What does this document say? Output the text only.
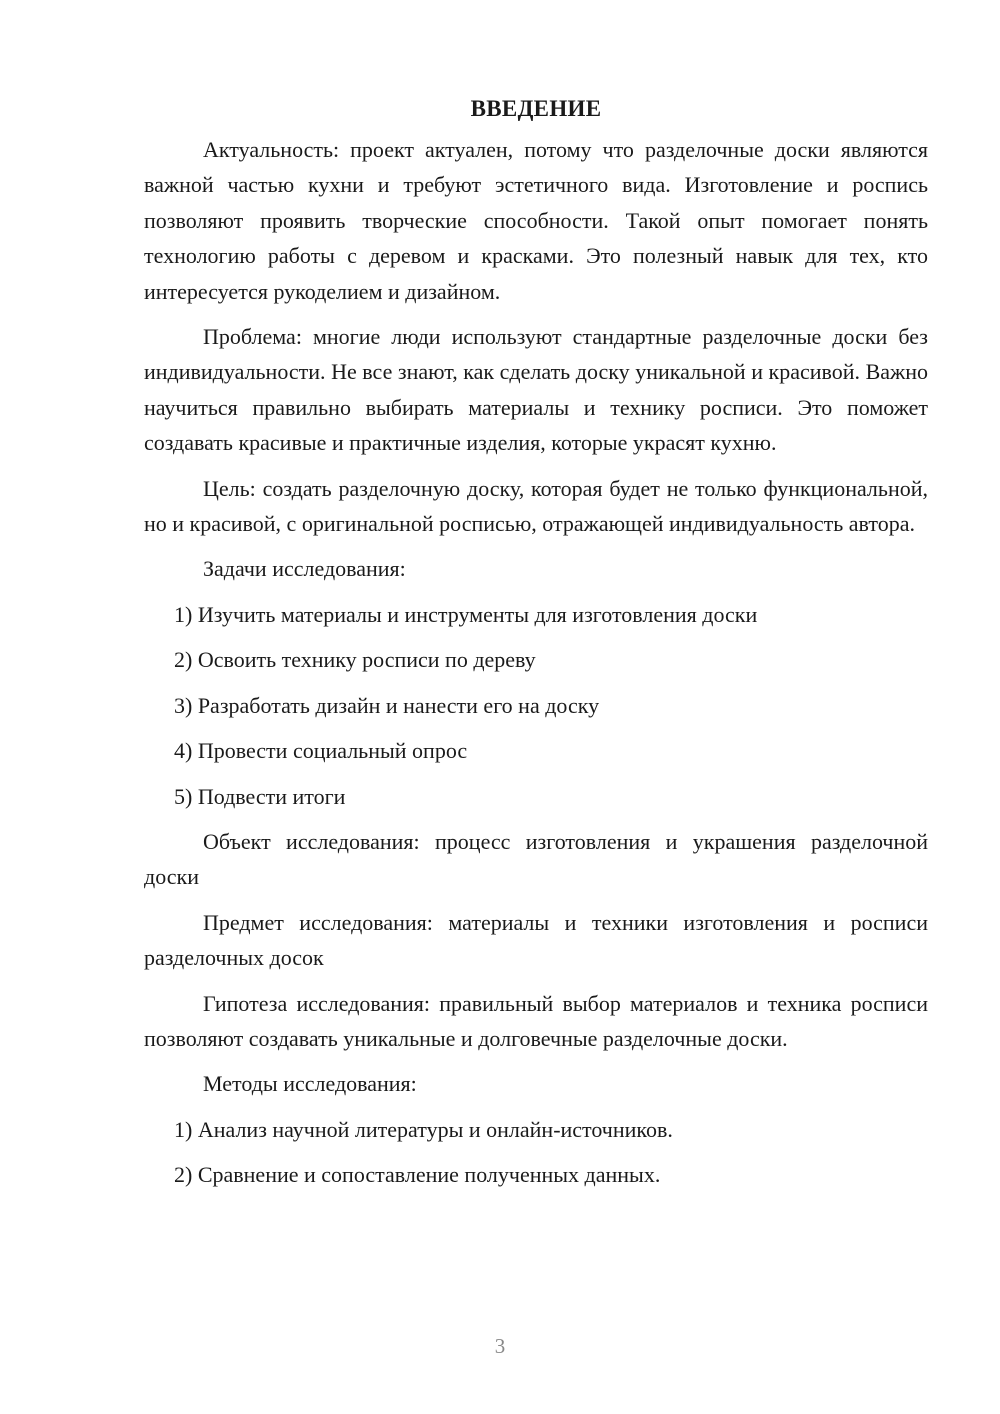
ВВЕДЕНИЕ

Актуальность: проект актуален, потому что разделочные доски являются важной частью кухни и требуют эстетичного вида. Изготовление и роспись позволяют проявить творческие способности. Такой опыт помогает понять технологию работы с деревом и красками. Это полезный навык для тех, кто интересуется рукоделием и дизайном.

Проблема: многие люди используют стандартные разделочные доски без индивидуальности. Не все знают, как сделать доску уникальной и красивой. Важно научиться правильно выбирать материалы и технику росписи. Это поможет создавать красивые и практичные изделия, которые украсят кухню.

Цель: создать разделочную доску, которая будет не только функциональной, но и красивой, с оригинальной росписью, отражающей индивидуальность автора.

Задачи исследования:

1) Изучить материалы и инструменты для изготовления доски
2) Освоить технику росписи по дереву
3) Разработать дизайн и нанести его на доску
4) Провести социальный опрос
5) Подвести итоги

Объект исследования: процесс изготовления и украшения разделочной доски

Предмет исследования: материалы и техники изготовления и росписи разделочных досок

Гипотеза исследования: правильный выбор материалов и техника росписи позволяют создавать уникальные и долговечные разделочные доски.

Методы исследования:

1) Анализ научной литературы и онлайн-источников.
2) Сравнение и сопоставление полученных данных.
3
